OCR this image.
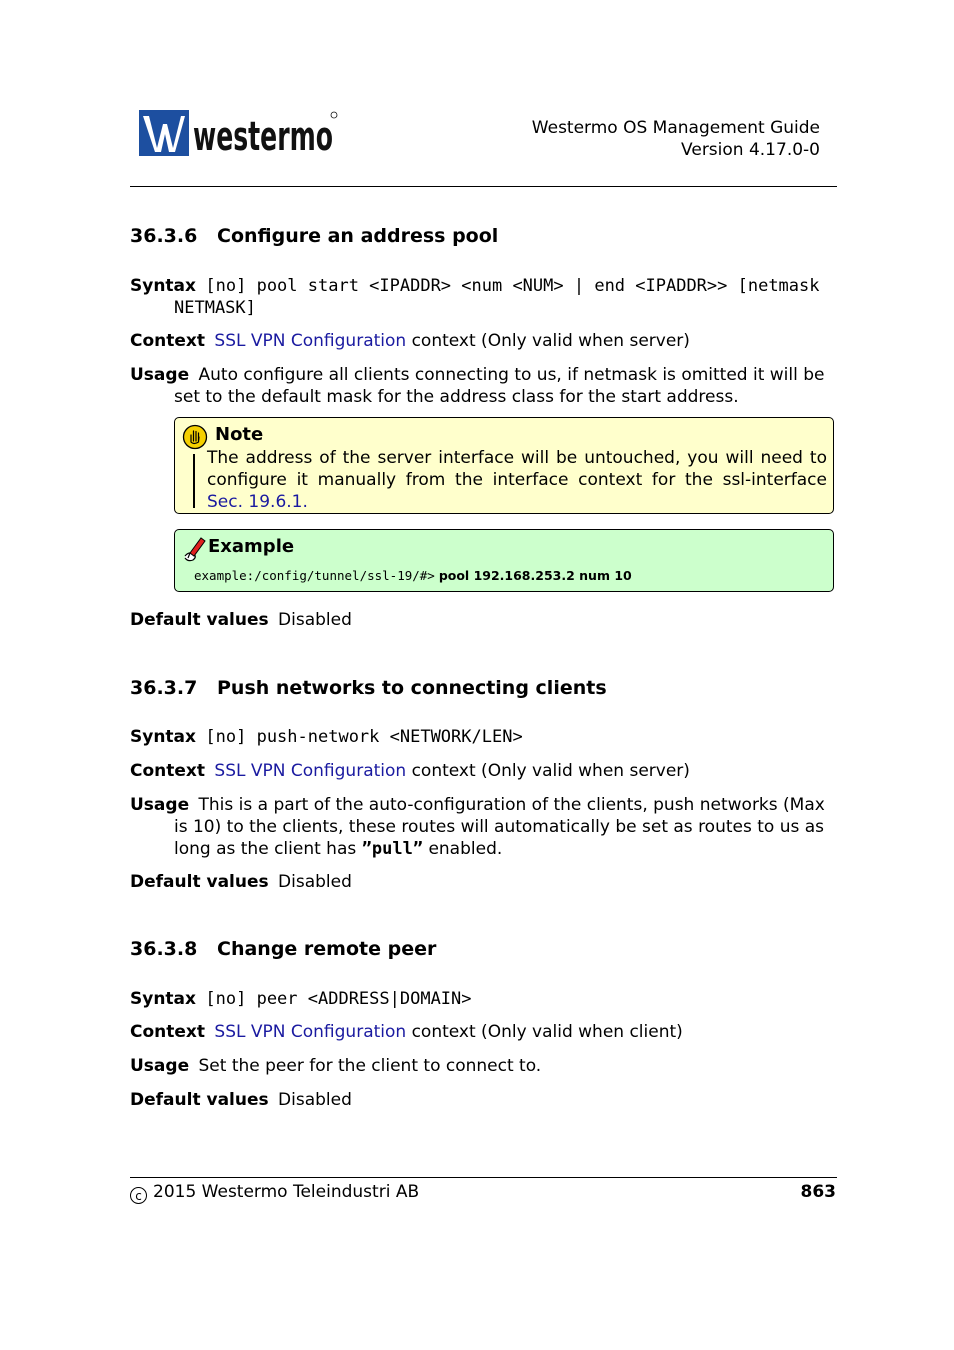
westermo	Westermo OS Management Guide
Version 4.17.0-0
36.3.6 Configure an address pool
Syntax [no] pool start <IPADDR> <num <NUM> | end <IPADDR>> [netmask
NETMASK]
Context SSL VPN Configuration context (Only valid when server)
Usage Auto configure all clients connecting to us, if netmask is omitted it will be
set to the default mask for the address class for the start address.
Note
The address of the server interface will be untouched, you will need to configure it manually from the interface context for the ssl-interface Sec. 19.6.1.
Example
example:/config/tunnel/ssl-19/#> pool 192.168.253.2 num 10
Default values Disabled
36.3.7 Push networks to connecting clients
Syntax [no] push-network <NETWORK/LEN>
Context SSL VPN Configuration context (Only valid when server)
Usage This is a part of the auto-configuration of the clients, push networks (Max
is 10) to the clients, these routes will automatically be set as routes to us as
long as the client has ”pull” enabled.
Default values Disabled
36.3.8 Change remote peer
Syntax [no] peer <ADDRESS|DOMAIN>
Context SSL VPN Configuration context (Only valid when client)
Usage Set the peer for the client to connect to.
Default values Disabled
c 2015 Westermo Teleindustri AB	863
